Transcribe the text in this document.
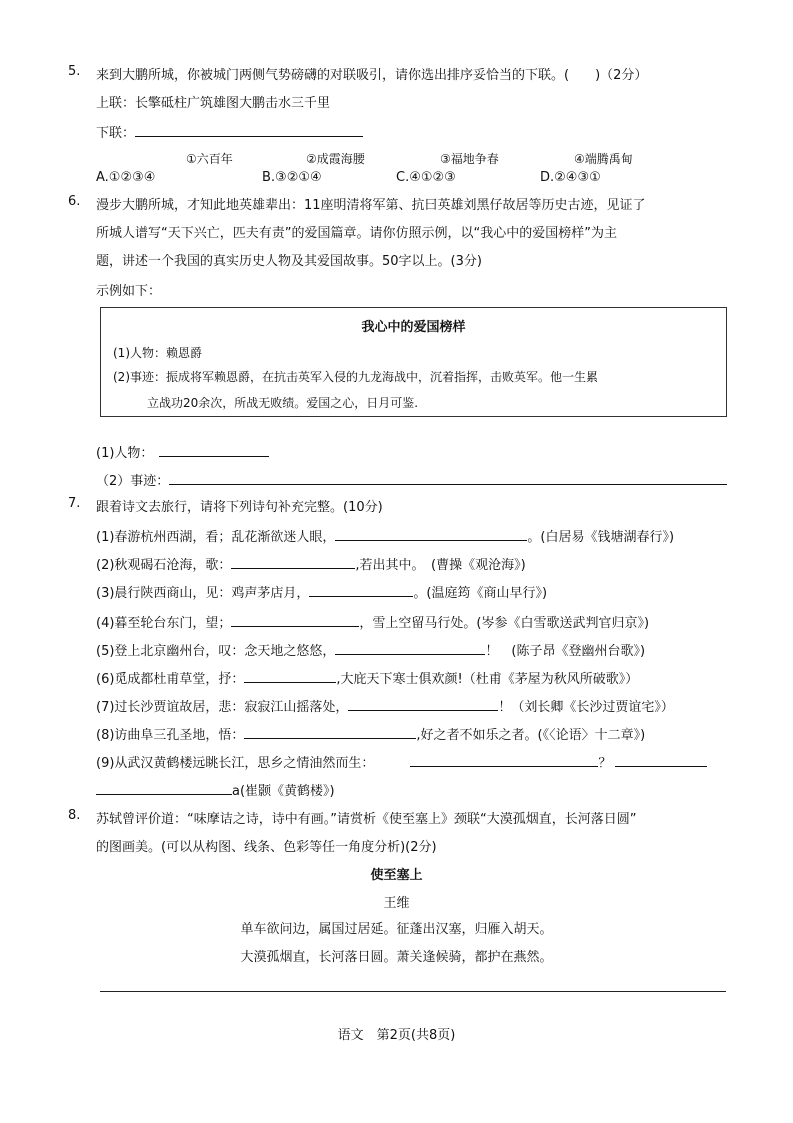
5. 来到大鹏所城，你被城门两侧气势磅礴的对联吸引，请你选出排序妥恰当的下联。(　　)（2分）
上联：长擎砥柱广筑雄图大鹏击水三千里
下联：
①六百年	②成霞海腰	③福地争春	④端腾禹甸
A.①②③④	B.③②①④	C.④①②③	D.②④③①
6. 漫步大鹏所城，才知此地英雄辈出：11座明清将军第、抗曰英雄刘黑仔故居等历史古迹，见证了
所城人谱写“天下兴亡，匹夫有责”的爱国篇章。请你仿照示例，以“我心中的爱国榜样”为主
题，讲述一个我国的真实历史人物及其爱国故事。50字以上。(3分)
示例如下：
我心中的爱国榜样
(1)人物：赖恩爵
(2)事迹：振成将军赖恩爵，在抗击英军入侵的九龙海战中，沉着指挥，击败英军。他一生累
立战功20余次，所战无败绩。爱国之心，日月可鉴.
(1)人物：
（2）事迹：
7. 跟着诗文去旅行，请将下列诗句补充完整。(10分)
(1)春游杭州西湖，看；乱花渐欲迷人眼，	。(白居易《钱塘湖春行》)
(2)秋观碣石沧海，歌：	,若出其中。　(曹操《观沧海》)
(3)晨行陕西商山，见：鸡声茅店月，	。(温庭筠《商山早行》)
(4)暮至轮台东门，望；	，雪上空留马行处。(岑参《白雪歌送武判官归京》)
(5)登上北京幽州台，叹：念天地之悠悠，	！　(陈子昂《登幽州台歌》)
(6)觅成都杜甫草堂，抒：	,大庇天下寒士俱欢颜!（杜甫《茅屋为秋风所破歌》）
(7)过长沙贾谊故居，悲：寂寂江山摇落处，	！（刘长卿《长沙过贾谊宅》）
(8)访曲阜三孔圣地，悟：	,好之者不如乐之者。(《〈论语〉十二章》)
(9)从武汉黄鹤楼远眺长江，思乡之情油然而生：	？
a(崔颢《黄鹤楼》)
8. 苏轼曾评价道：“味摩诘之诗，诗中有画。”请赏析《使至塞上》颈联“大漠孤烟直，长河落日圆”
的图画美。(可以从构图、线条、色彩等任一角度分析)(2分)
使至塞上
王维
单车欲问边，属国过居延。征蓬出汉塞，归雁入胡天。
大漠孤烟直，长河落日圆。萧关逢候骑，都护在燕然。
语文　第2页(共8页)
